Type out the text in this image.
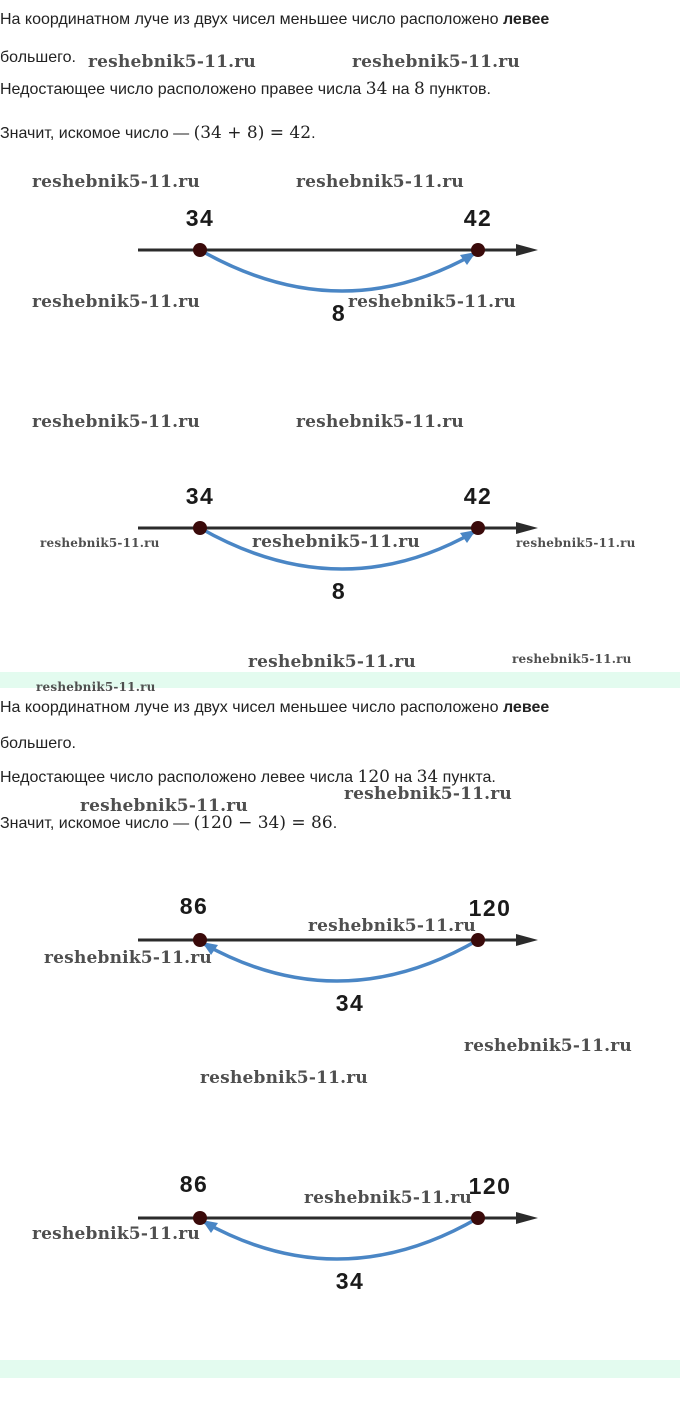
На координатном луче из двух чисел меньшее число расположено левее
большего.
Недостающее число расположено правее числа 34 на 8 пунктов.
Значит, искомое число — (34 + 8) = 42.
34	42
8
34	42
8
На координатном луче из двух чисел меньшее число расположено левее
большего.
Недостающее число расположено левее числа 120 на 34 пункта.
Значит, искомое число — (120 − 34) = 86.
86	120
34
86	120
34
reshebnik5-11.ru	reshebnik5-11.ru
reshebnik5-11.ru	reshebnik5-11.ru
reshebnik5-11.ru	reshebnik5-11.ru
reshebnik5-11.ru	reshebnik5-11.ru
reshebnik5-11.ru	reshebnik5-11.ru	reshebnik5-11.ru
reshebnik5-11.ru	reshebnik5-11.ru
reshebnik5-11.ru
reshebnik5-11.ru
reshebnik5-11.ru
reshebnik5-11.ru
reshebnik5-11.ru
reshebnik5-11.ru
reshebnik5-11.ru
reshebnik5-11.ru
reshebnik5-11.ru
